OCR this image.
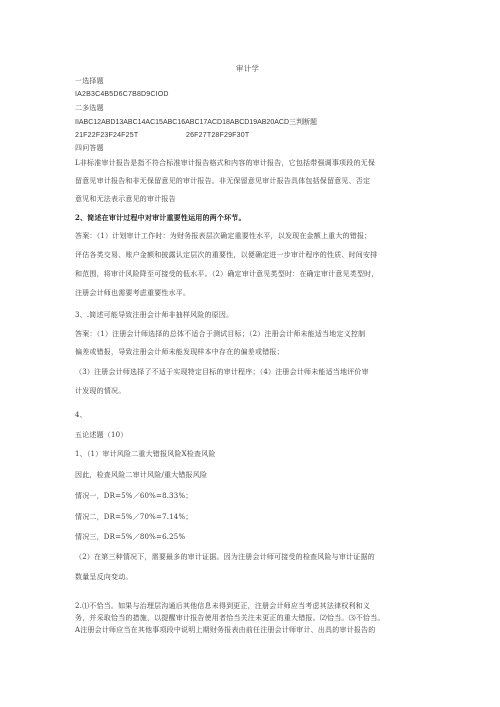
审计学
一选择题
IA2B3C4B5D6C7B8D9CIOD
二多选题
IIABC12ABD13ABC14AC15ABC16ABC17ACD18ABCD19AB20ACD三判断题
21F22F23F24F25T	26F27T28F29F30T
四问答题
L非标准审计报告是指不符合标准审计报告格式和内容的审计报告，它包括带强调事项段的无保
留意见审计报告和非无保留意见的审计报告。非无保留意见审计报告具体包括保留意见、否定
意见和无法表示意见的审计报告
2、简述在审计过程中对审计重要性运用的两个环节。
答案：（1）计划审计工作时：为财务报表层次确定重要性水平，以发现在金额上重大的错报；
评估各类交易、账户金额和披露认定层次的重要性，以便确定进一步审计程序的性质、时间安排
和范围，将审计风险降至可接受的低水平。（2）确定审计意见类型时：在确定审计意见类型时，
注册会计师也需要考虑重要性水平。
3、.简述可能导致注册会计师非抽样风险的原因。
答案：（1）注册会计师选择的总体不适合于测试目标；（2）注册会计师未能适当地定义控制
偏差或错报，导致注册会计师未能发现样本中存在的偏差或错报；
（3）注册会计师选择了不适于实现特定目标的审计程序；（4）注册会计师未能适当地评价审
计发现的情况。
4、
五论述题（10）
1、（1）审计风险二重大错报风险X检查风险
因此，检查风险二审计风险/重大错报风险
情况一，DR=5%／60%=8.33%；
情况二，DR=5%／70%=7.14%；
情况三，DR=5%／80%=6.25%
（2）在第三种情况下，需要最多的审计证据。因为注册会计师可接受的检查风险与审计证据的
数量呈反向变动。
2.⑴不恰当。如果与治理层沟通后其他信息未得到更正，注册会计师应当考虑其法律权利和义
务，并采取恰当的措施，以提醒审计报告使用者恰当关注未更正的重大错报。⑵恰当。⑶不恰当。
A注册会计师应当在其他事项段中说明上期财务报表由前任注册会计师审计、出具的审计报告的
